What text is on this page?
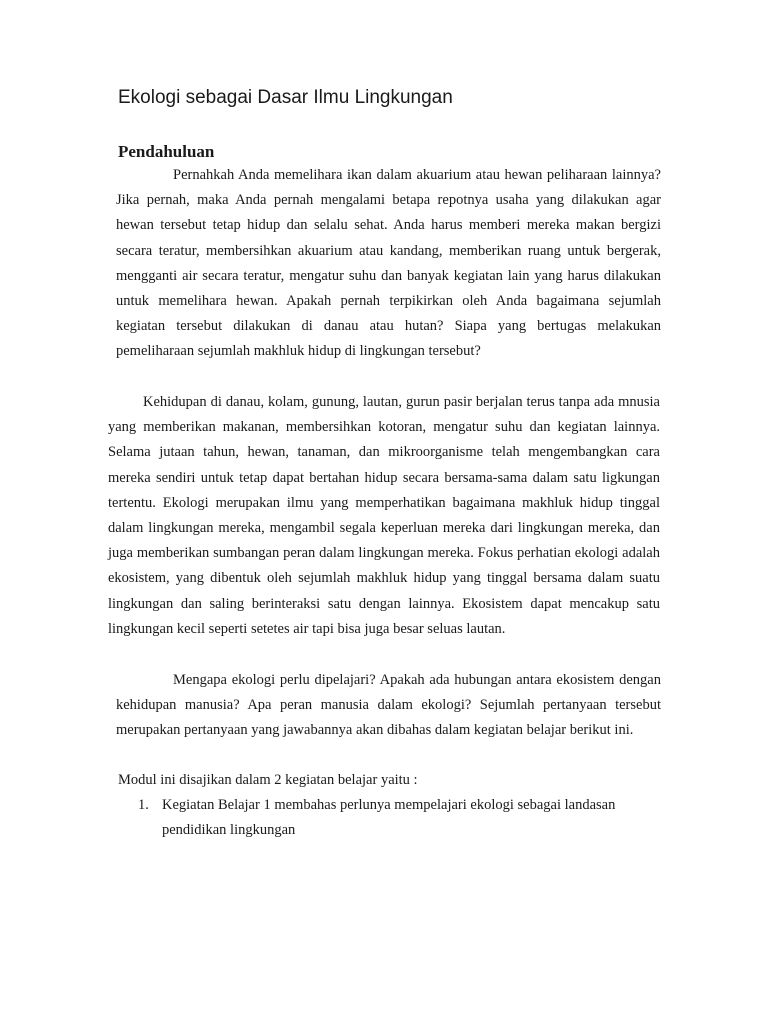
Ekologi sebagai Dasar Ilmu Lingkungan
Pendahuluan

Pernahkah Anda memelihara ikan dalam akuarium atau hewan peliharaan lainnya? Jika pernah, maka Anda pernah mengalami betapa repotnya usaha yang dilakukan agar hewan tersebut tetap hidup dan selalu sehat. Anda harus memberi mereka makan bergizi secara teratur, membersihkan akuarium atau kandang, memberikan ruang untuk bergerak, mengganti air secara teratur, mengatur suhu dan banyak kegiatan lain yang harus dilakukan untuk memelihara hewan. Apakah pernah terpikirkan oleh Anda bagaimana sejumlah kegiatan tersebut dilakukan di danau atau hutan? Siapa yang bertugas melakukan pemeliharaan sejumlah makhluk hidup di lingkungan tersebut?

Kehidupan di danau, kolam, gunung, lautan, gurun pasir berjalan terus tanpa ada mnusia yang memberikan makanan, membersihkan kotoran, mengatur suhu dan kegiatan lainnya. Selama jutaan tahun, hewan, tanaman, dan mikroorganisme telah mengembangkan cara mereka sendiri untuk tetap dapat bertahan hidup secara bersama-sama dalam satu ligkungan tertentu. Ekologi merupakan ilmu yang memperhatikan bagaimana makhluk hidup tinggal dalam lingkungan mereka, mengambil segala keperluan mereka dari lingkungan mereka, dan juga memberikan sumbangan peran dalam lingkungan mereka. Fokus perhatian ekologi adalah ekosistem, yang dibentuk oleh sejumlah makhluk hidup yang tinggal bersama dalam suatu lingkungan dan saling berinteraksi satu dengan lainnya. Ekosistem dapat mencakup satu lingkungan kecil seperti setetes air tapi bisa juga besar seluas lautan.

Mengapa ekologi perlu dipelajari? Apakah ada hubungan antara ekosistem dengan kehidupan manusia? Apa peran manusia dalam ekologi? Sejumlah pertanyaan tersebut merupakan pertanyaan yang jawabannya akan dibahas dalam kegiatan belajar berikut ini.

Modul ini disajikan dalam 2 kegiatan belajar yaitu :

1. Kegiatan Belajar 1 membahas perlunya mempelajari ekologi sebagai landasan pendidikan lingkungan
